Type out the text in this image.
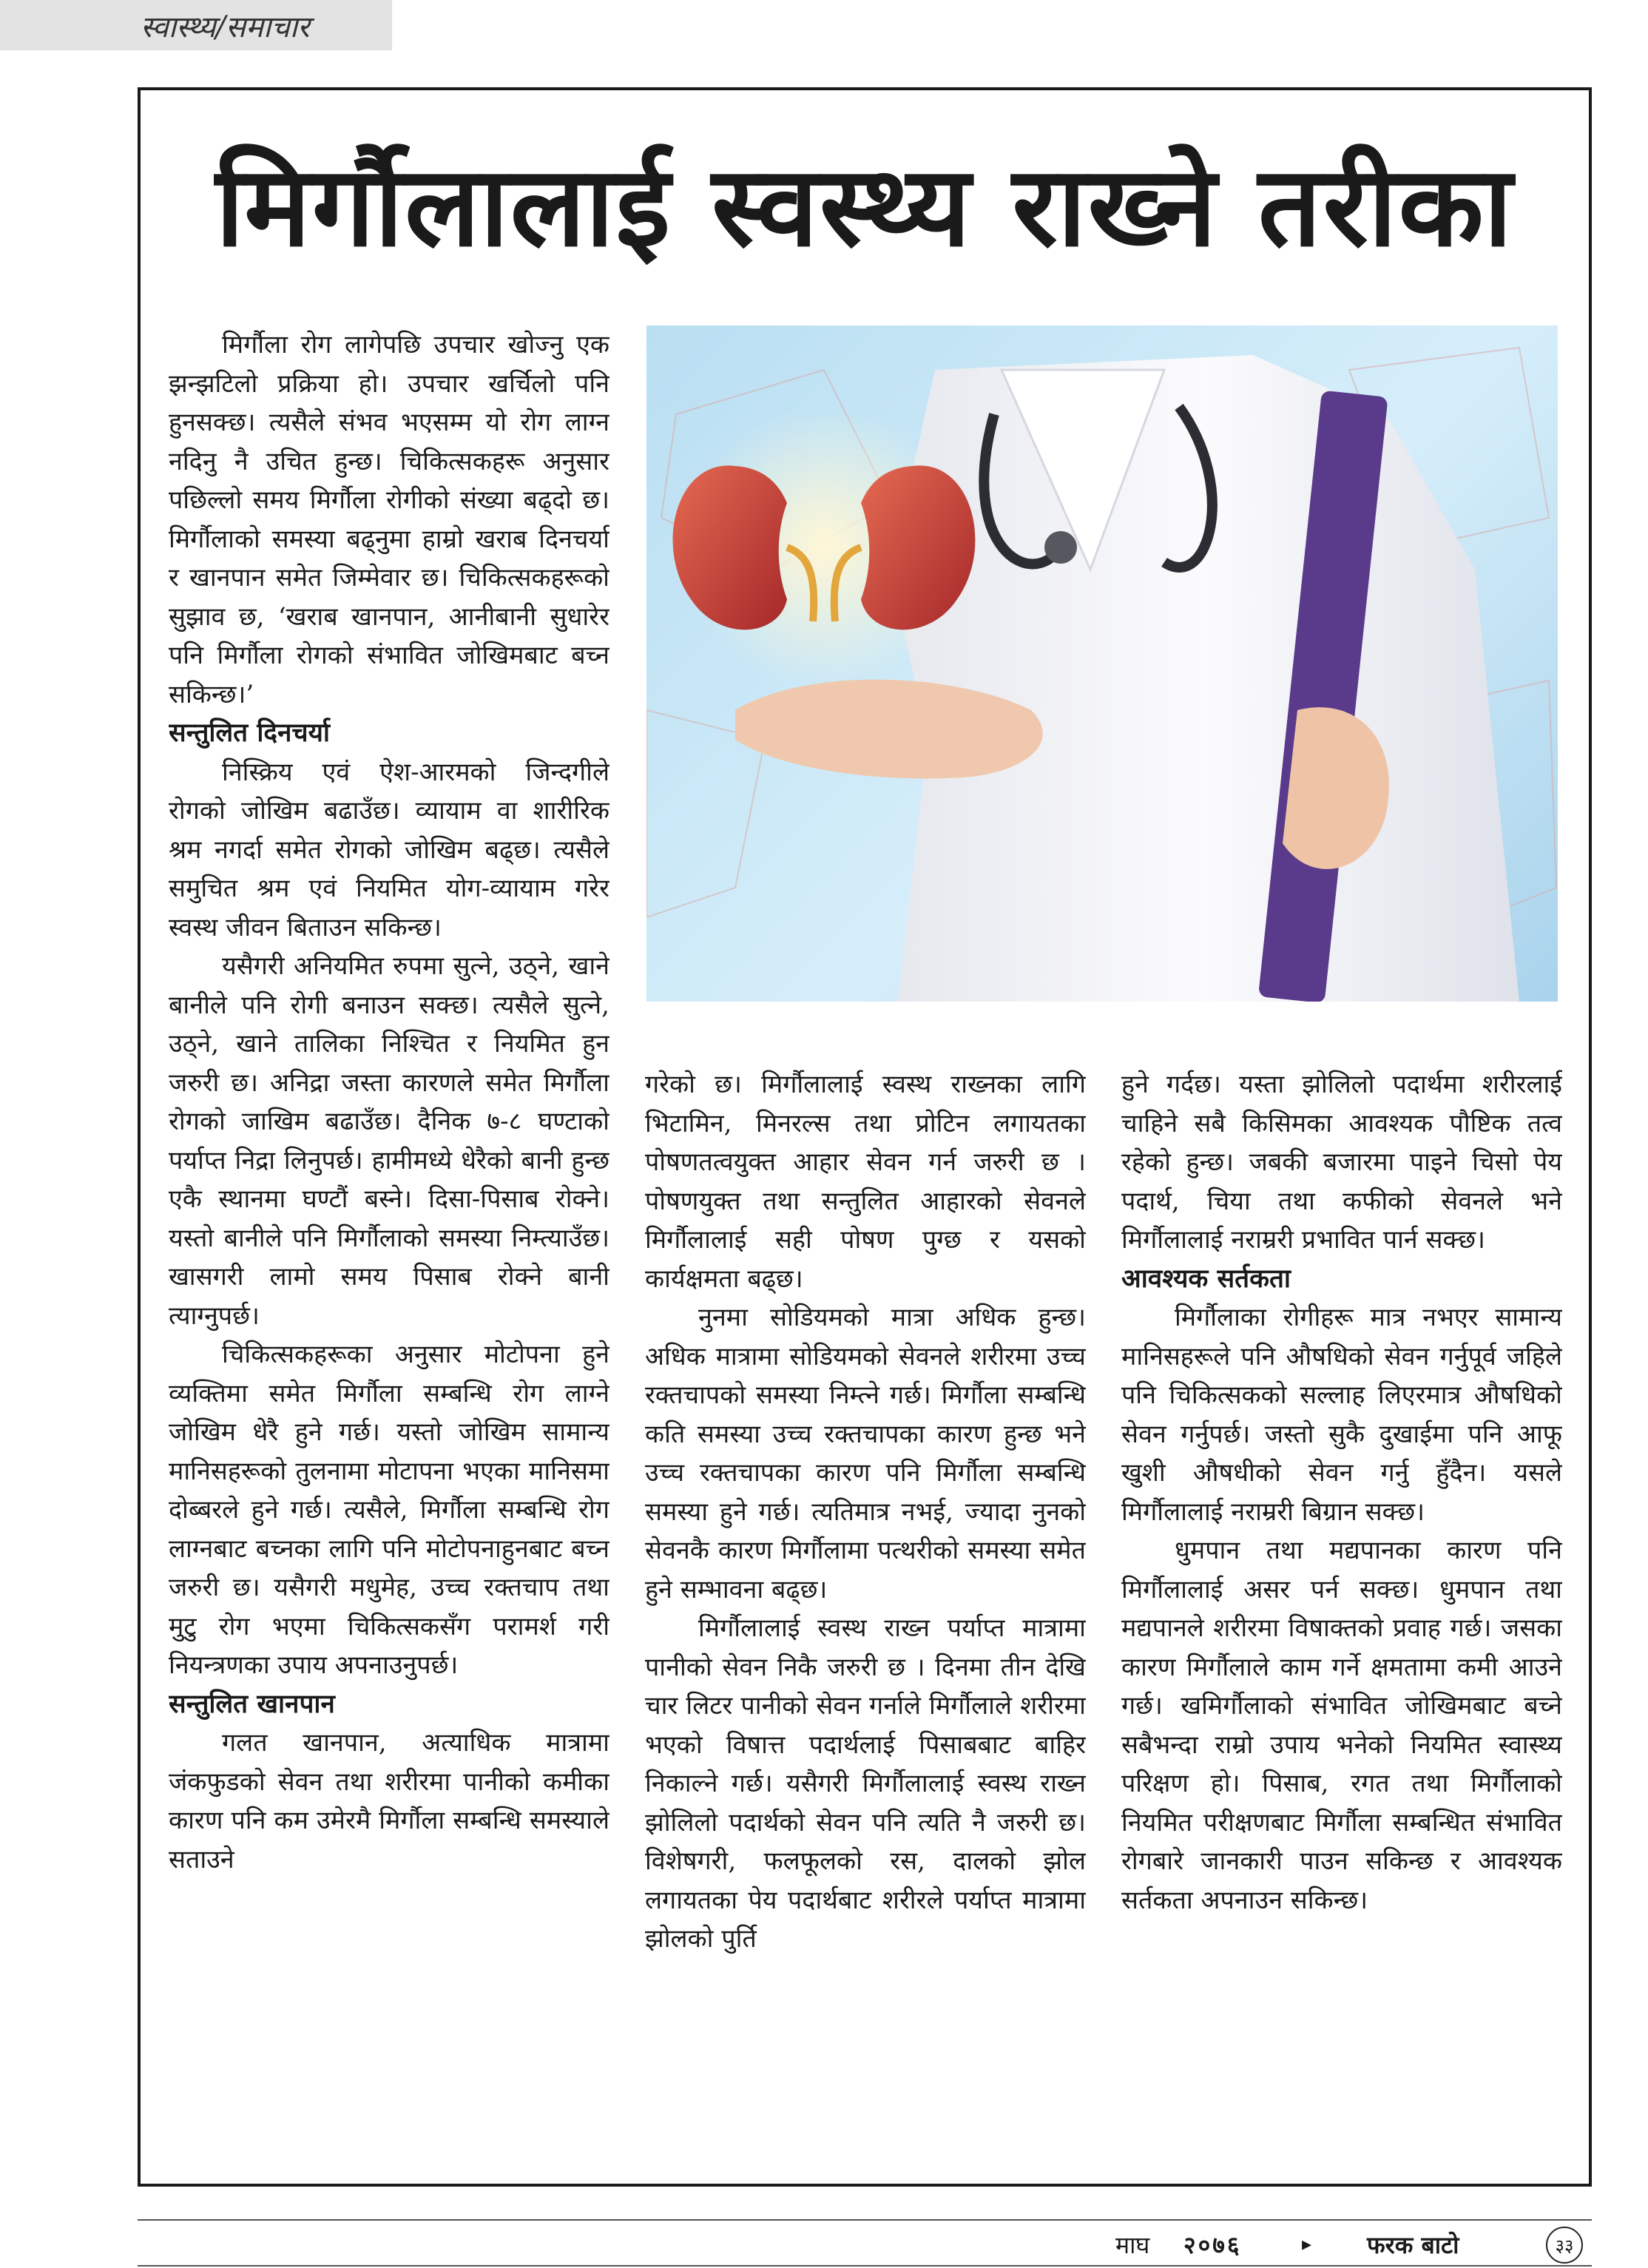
स्वास्थ्य/समाचार
मिर्गौलालाई स्वस्थ्य राख्ने तरीका

मिर्गौला रोग लागेपछि उपचार खोज्नु एक झन्झटिलो प्रक्रिया हो। उपचार खर्चिलो पनि हुनसक्छ। त्यसैले संभव भएसम्म यो रोग लाग्न नदिनु नै उचित हुन्छ। चिकित्सकहरू अनुसार पछिल्लो समय मिर्गौला रोगीको संख्या बढ्दो छ। मिर्गौलाको समस्या बढ्नुमा हाम्रो खराब दिनचर्या र खानपान समेत जिम्मेवार छ। चिकित्सकहरूको सुझाव छ, ‘खराब खानपान, आनीबानी सुधारेर पनि मिर्गौला रोगको संभावित जोखिमबाट बच्न सकिन्छ।’

सन्तुलित दिनचर्या

निस्क्रिय एवं ऐश-आरमको जिन्दगीले रोगको जोखिम बढाउँछ। व्यायाम वा शारीरिक श्रम नगर्दा समेत रोगको जोखिम बढ्छ। त्यसैले समुचित श्रम एवं नियमित योग-व्यायाम गरेर स्वस्थ जीवन बिताउन सकिन्छ।

यसैगरी अनियमित रुपमा सुत्ने, उठ्ने, खाने बानीले पनि रोगी बनाउन सक्छ। त्यसैले सुत्ने, उठ्ने, खाने तालिका निश्चित र नियमित हुन जरुरी छ। अनिद्रा जस्ता कारणले समेत मिर्गौला रोगको जाखिम बढाउँछ। दैनिक ७-८ घण्टाको पर्याप्त निद्रा लिनुपर्छ। हामीमध्ये धेरैको बानी हुन्छ एकै स्थानमा घण्टौं बस्ने। दिसा-पिसाब रोक्ने। यस्तो बानीले पनि मिर्गौलाको समस्या निम्त्याउँछ। खासगरी लामो समय पिसाब रोक्ने बानी त्याग्नुपर्छ।

चिकित्सकहरूका अनुसार मोटोपना हुने व्यक्तिमा समेत मिर्गौला सम्बन्धि रोग लाग्ने जोखिम धेरै हुने गर्छ। यस्तो जोखिम सामान्य मानिसहरूको तुलनामा मोटापना भएका मानिसमा दोब्बरले हुने गर्छ। त्यसैले, मिर्गौला सम्बन्धि रोग लाग्नबाट बच्नका लागि पनि मोटोपनाहुनबाट बच्न जरुरी छ। यसैगरी मधुमेह, उच्च रक्तचाप तथा मुटु रोग भएमा चिकित्सकसँग परामर्श गरी नियन्त्रणका उपाय अपनाउनुपर्छ।

सन्तुलित खानपान

गलत खानपान, अत्याधिक मात्रामा जंकफुडको सेवन तथा शरीरमा पानीको कमीका कारण पनि कम उमेरमै मिर्गौला सम्बन्धि समस्याले सताउने

गरेको छ। मिर्गौलालाई स्वस्थ राख्नका लागि भिटामिन, मिनरल्स तथा प्रोटिन लगायतका पोषणतत्वयुक्त आहार सेवन गर्न जरुरी छ । पोषणयुक्त तथा सन्तुलित आहारको सेवनले मिर्गौलालाई सही पोषण पुग्छ र यसको कार्यक्षमता बढ्छ।

नुनमा सोडियमको मात्रा अधिक हुन्छ। अधिक मात्रामा सोडियमको सेवनले शरीरमा उच्च रक्तचापको समस्या निम्त्ने गर्छ। मिर्गौला सम्बन्धि कति समस्या उच्च रक्तचापका कारण हुन्छ भने उच्च रक्तचापका कारण पनि मिर्गौला सम्बन्धि समस्या हुने गर्छ। त्यतिमात्र नभई, ज्यादा नुनको सेवनकै कारण मिर्गौलामा पत्थरीको समस्या समेत हुने सम्भावना बढ्छ।

मिर्गौलालाई स्वस्थ राख्न पर्याप्त मात्रामा पानीको सेवन निकै जरुरी छ । दिनमा तीन देखि चार लिटर पानीको सेवन गर्नाले मिर्गौलाले शरीरमा भएको विषात्त पदार्थलाई पिसाबबाट बाहिर निकाल्ने गर्छ। यसैगरी मिर्गौलालाई स्वस्थ राख्न झोलिलो पदार्थको सेवन पनि त्यति नै जरुरी छ। विशेषगरी, फलफूलको रस, दालको झोल लगायतका पेय पदार्थबाट शरीरले पर्याप्त मात्रामा झोलको पुर्ति

हुने गर्दछ। यस्ता झोलिलो पदार्थमा शरीरलाई चाहिने सबै किसिमका आवश्यक पौष्टिक तत्व रहेको हुन्छ। जबकी बजारमा पाइने चिसो पेय पदार्थ, चिया तथा कफीको सेवनले भने मिर्गौलालाई नराम्ररी प्रभावित पार्न सक्छ।

आवश्यक सर्तकता

मिर्गौलाका रोगीहरू मात्र नभएर सामान्य मानिसहरूले पनि औषधिको सेवन गर्नुपूर्व जहिले पनि चिकित्सकको सल्लाह लिएरमात्र औषधिको सेवन गर्नुपर्छ। जस्तो सुकै दुखाईमा पनि आफू खुशी औषधीको सेवन गर्नु हुँदैन। यसले मिर्गौलालाई नराम्ररी बिग्रान सक्छ।

धुमपान तथा मद्यपानका कारण पनि मिर्गौलालाई असर पर्न सक्छ। धुमपान तथा मद्यपानले शरीरमा विषाक्तको प्रवाह गर्छ। जसका कारण मिर्गौलाले काम गर्ने क्षमतामा कमी आउने गर्छ। खमिर्गौलाको संभावित जोखिमबाट बच्ने सबैभन्दा राम्रो उपाय भनेको नियमित स्वास्थ्य परिक्षण हो। पिसाब, रगत तथा मिर्गौलाको नियमित परीक्षणबाट मिर्गौला सम्बन्धित संभावित रोगबारे जानकारी पाउन सकिन्छ र आवश्यक सर्तकता अपनाउन सकिन्छ।

माघ २०७६	▸ फरक बाटो	३३
